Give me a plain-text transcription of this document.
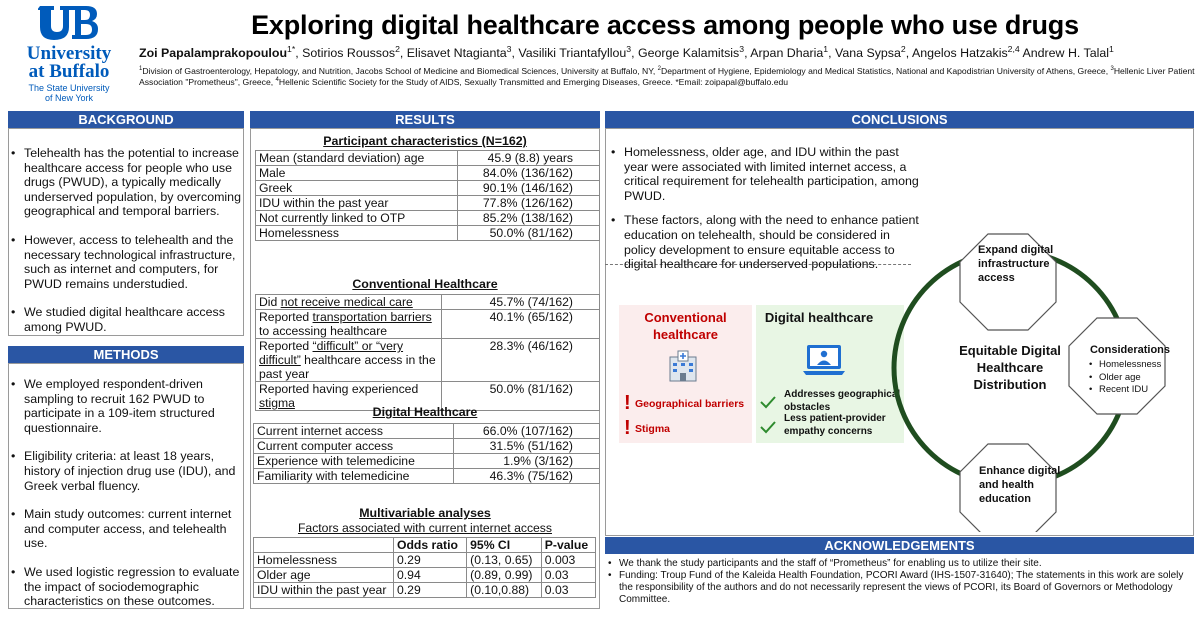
University
at Buffalo
The State University
of New York
Exploring digital healthcare access among people who use drugs
Zoi Papalamprakopoulou$^{1*}$, Sotirios Roussos$^2$, Elisavet Ntagianta$^3$, Vasiliki Triantafyllou$^3$, George Kalamitsis$^3$, Arpan Dharia$^1$, Vana Sypsa$^2$, Angelos Hatzakis$^{2,4}$ Andrew H. Talal$^1$
$^1$Division of Gastroenterology, Hepatology, and Nutrition, Jacobs School of Medicine and Biomedical Sciences, University at Buffalo, NY, $^2$Department of Hygiene, Epidemiology and Medical Statistics, National and Kapodistrian University of Athens, Greece, $^3$Hellenic Liver Patient Association "Prometheus", Greece, $^4$Hellenic Scientific Society for the Study of AIDS, Sexually Transmitted and Emerging Diseases, Greece. *Email: zoipapal@buffalo.edu
BACKGROUND
• Telehealth has the potential to increase healthcare access for people who use drugs (PWUD), a typically medically underserved population, by overcoming geographical and temporal barriers.
• However, access to telehealth and the necessary technological infrastructure, such as internet and computers, for PWUD remains understudied.
• We studied digital healthcare access among PWUD.
METHODS
• We employed respondent-driven sampling to recruit 162 PWUD to participate in a 109-item structured questionnaire.
• Eligibility criteria: at least 18 years, history of injection drug use (IDU), and Greek verbal fluency.
• Main study outcomes: current internet and computer access, and telehealth use.
• We used logistic regression to evaluate the impact of sociodemographic characteristics on these outcomes.
RESULTS
Participant characteristics (N=162)
Mean (standard deviation) age	45.9 (8.8) years
Male	84.0% (136/162)
Greek	90.1% (146/162)
IDU within the past year	77.8% (126/162)
Not currently linked to OTP	85.2% (138/162)
Homelessness	50.0% (81/162)
Conventional Healthcare
Did not receive medical care	45.7% (74/162)
Reported transportation barriers to accessing healthcare	40.1% (65/162)
Reported “difficult” or “very difficult” healthcare access in the past year	28.3% (46/162)
Reported having experienced stigma	50.0% (81/162)
Digital Healthcare
Current internet access	66.0% (107/162)
Current computer access	31.5% (51/162)
Experience with telemedicine	1.9% (3/162)
Familiarity with telemedicine	46.3% (75/162)
Multivariable analyses
Factors associated with current internet access
	Odds ratio	95% CI	P-value
Homelessness	0.29	(0.13, 0.65)	0.003
Older age	0.94	(0.89, 0.99)	0.03
IDU within the past year	0.29	(0.10,0.88)	0.03
CONCLUSIONS
• Homelessness, older age, and IDU within the past year were associated with limited internet access, a critical requirement for telehealth participation, among PWUD.
• These factors, along with the need to enhance patient education on telehealth, should be considered in policy development to ensure equitable access to digital healthcare for underserved populations.
Conventional healthcare
! Geographical barriers
! Stigma
Digital healthcare
Addresses geographical obstacles
Less patient-provider empathy concerns
Equitable Digital Healthcare Distribution
Expand digital infrastructure access
Considerations
• Homelessness
• Older age
• Recent IDU
Enhance digital and health education
ACKNOWLEDGEMENTS
• We thank the study participants and the staff of “Prometheus” for enabling us to utilize their site.
• Funding: Troup Fund of the Kaleida Health Foundation, PCORI Award (IHS-1507-31640); The statements in this work are solely the responsibility of the authors and do not necessarily represent the views of PCORI, its Board of Governors or Methodology Committee.
